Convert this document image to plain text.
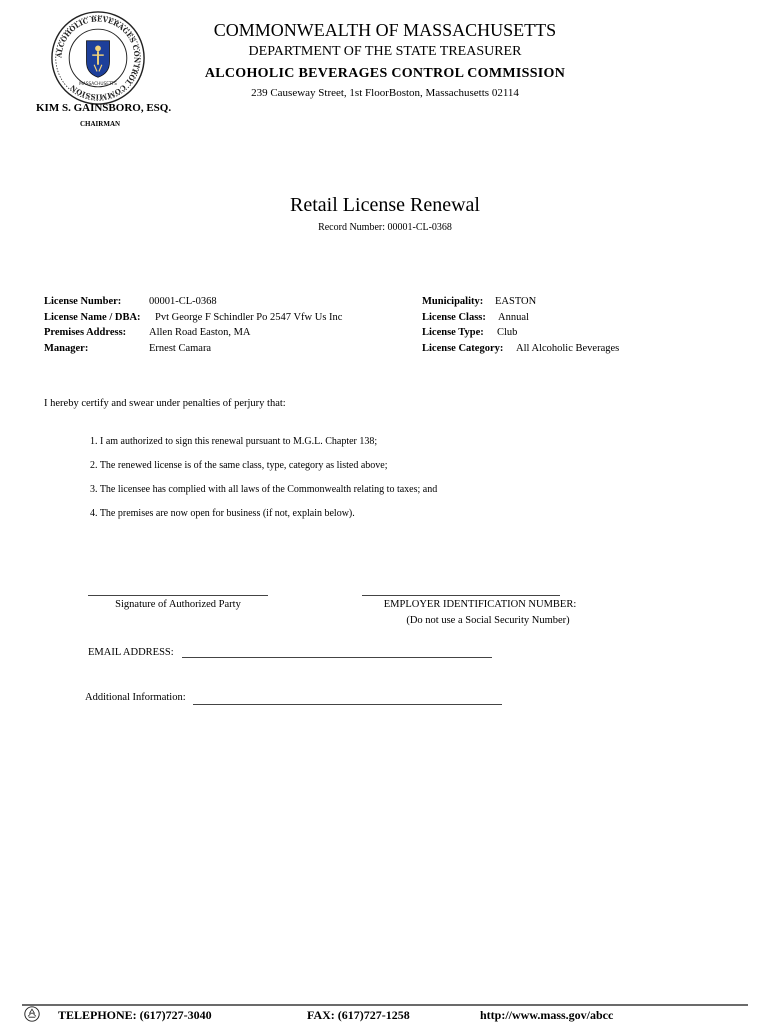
ALCOHOLIC BEVERAGES CONTROL COMMISSION MASSACHUSETTS
COMMONWEALTH OF MASSACHUSETTS
DEPARTMENT OF THE STATE TREASURER
ALCOHOLIC BEVERAGES CONTROL COMMISSION
239 Causeway Street, 1st FloorBoston, Massachusetts 02114
KIM S. GAINSBORO, ESQ.
CHAIRMAN
Retail License Renewal
Record Number: 00001-CL-0368
License Number:	00001-CL-0368
License Name / DBA: Pvt George F Schindler Po 2547 Vfw Us Inc
Premises Address: Allen Road Easton, MA
Manager:	Ernest Camara
Municipality: EASTON
License Class: Annual
License Type: Club
License Category: All Alcoholic Beverages
I hereby certify and swear under penalties of perjury that:
1. I am authorized to sign this renewal pursuant to M.G.L. Chapter 138;
2. The renewed license is of the same class, type, category as listed above;
3. The licensee has complied with all laws of the Commonwealth relating to taxes; and
4. The premises are now open for business (if not, explain below).
Signature of Authorized Party	EMPLOYER IDENTIFICATION NUMBER:
(Do not use a Social Security Number)
EMAIL ADDRESS:
Additional Information:
TELEPHONE: (617)727-3040	FAX: (617)727-1258	http://www.mass.gov/abcc
